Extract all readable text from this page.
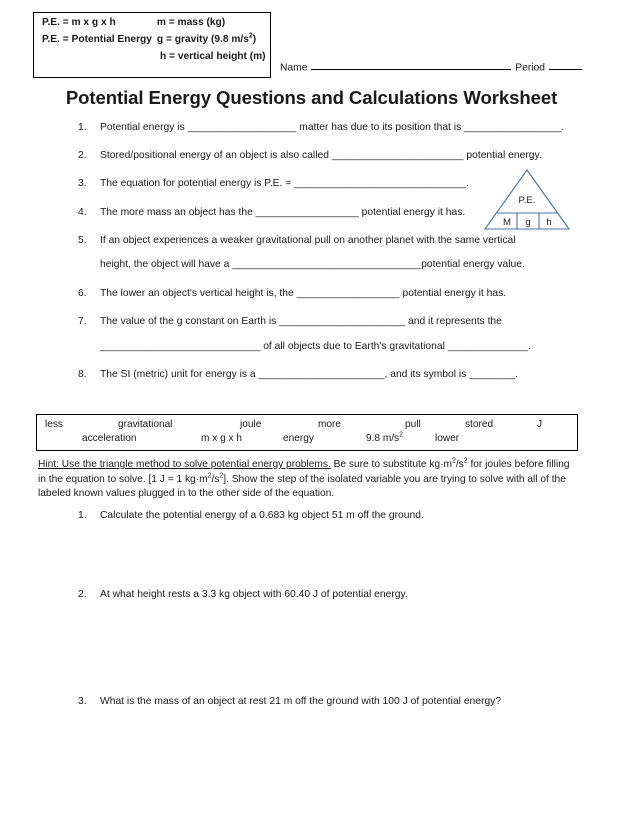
P.E. = m x g x h	m = mass (kg)
P.E. = Potential Energy g = gravity (9.8 $m/s^2$)
h = vertical height (m)
Name	Period
Potential Energy Questions and Calculations Worksheet
1.	Potential energy is ___________________ matter has due to its position that is _________________.
2.	Stored/positional energy of an object is also called _______________________ potential energy.
3.	The equation for potential energy is P.E. = ______________________________.
4.	The more mass an object has the __________________ potential energy it has.
5.	If an object experiences a weaker gravitational pull on another planet with the same vertical
height, the object will have a _________________________________potential energy value.
6.	The lower an object's vertical height is, the __________________ potential energy it has.
7.	The value of the g constant on Earth is ______________________ and it represents the
____________________________ of all objects due to Earth's gravitational ______________.
8.	The SI (metric) unit for energy is a ______________________, and its symbol is ________.
P.E.
M g h
less	gravitational	joule	more	pull	stored	J
acceleration	m x g x h	energy	9.8 $m/s^2$	lower
Hint: Use the triangle method to solve potential energy problems. Be sure to substitute $kg\cdot m^2/s^2$ for joules before filling in the equation to solve. [1 J = 1 $kg\cdot m^2/s^2$]. Show the step of the isolated variable you are trying to solve with all of the labeled known values plugged in to the other side of the equation.
1.	Calculate the potential energy of a 0.683 kg object 51 m off the ground.
2.	At what height rests a 3.3 kg object with 60.40 J of potential energy.
3.	What is the mass of an object at rest 21 m off the ground with 100 J of potential energy?
